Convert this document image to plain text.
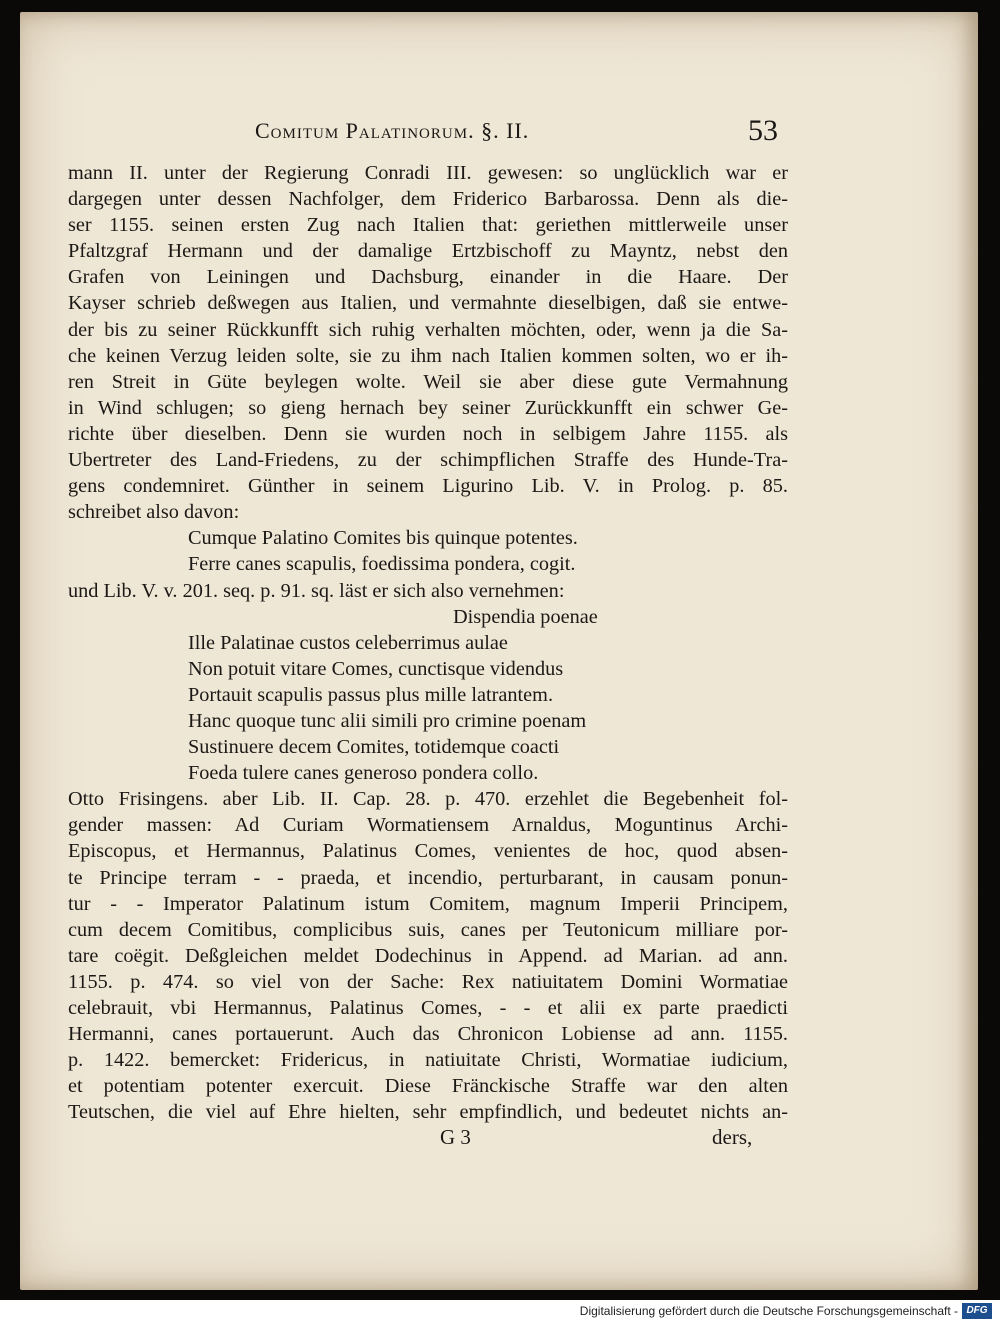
Comitum Palatinorum. §. II.	53
mann II. unter der Regierung Conradi III. gewesen: so unglücklich war er
dargegen unter dessen Nachfolger, dem Friderico Barbarossa. Denn als die-
ser 1155. seinen ersten Zug nach Italien that: geriethen mittlerweile unser
Pfaltzgraf Hermann und der damalige Ertzbischoff zu Mayntz, nebst den
Grafen von Leiningen und Dachsburg, einander in die Haare. Der
Kayser schrieb deßwegen aus Italien, und vermahnte dieselbigen, daß sie entwe-
der bis zu seiner Rückkunfft sich ruhig verhalten möchten, oder, wenn ja die Sa-
che keinen Verzug leiden solte, sie zu ihm nach Italien kommen solten, wo er ih-
ren Streit in Güte beylegen wolte. Weil sie aber diese gute Vermahnung
in Wind schlugen; so gieng hernach bey seiner Zurückkunfft ein schwer Ge-
richte über dieselben. Denn sie wurden noch in selbigem Jahre 1155. als
Ubertreter des Land-Friedens, zu der schimpflichen Straffe des Hunde-Tra-
gens condemniret. Günther in seinem Ligurino Lib. V. in Prolog. p. 85.
schreibet also davon:
Cumque Palatino Comites bis quinque potentes.
Ferre canes scapulis, foedissima pondera, cogit.
und Lib. V. v. 201. seq. p. 91. sq. läst er sich also vernehmen:
Dispendia poenae
Ille Palatinae custos celeberrimus aulae
Non potuit vitare Comes, cunctisque videndus
Portauit scapulis passus plus mille latrantem.
Hanc quoque tunc alii simili pro crimine poenam
Sustinuere decem Comites, totidemque coacti
Foeda tulere canes generoso pondera collo.
Otto Frisingens. aber Lib. II. Cap. 28. p. 470. erzehlet die Begebenheit fol-
gender massen: Ad Curiam Wormatiensem Arnaldus, Moguntinus Archi-
Episcopus, et Hermannus, Palatinus Comes, venientes de hoc, quod absen-
te Principe terram - - praeda, et incendio, perturbarant, in causam ponun-
tur - - Imperator Palatinum istum Comitem, magnum Imperii Principem,
cum decem Comitibus, complicibus suis, canes per Teutonicum milliare por-
tare coëgit. Deßgleichen meldet Dodechinus in Append. ad Marian. ad ann.
1155. p. 474. so viel von der Sache: Rex natiuitatem Domini Wormatiae
celebrauit, vbi Hermannus, Palatinus Comes, - - et alii ex parte praedicti
Hermanni, canes portauerunt. Auch das Chronicon Lobiense ad ann. 1155.
p. 1422. bemercket: Fridericus, in natiuitate Christi, Wormatiae iudicium,
et potentiam potenter exercuit. Diese Fränckische Straffe war den alten
Teutschen, die viel auf Ehre hielten, sehr empfindlich, und bedeutet nichts an-
G 3	ders,
Digitalisierung gefördert durch die Deutsche Forschungsgemeinschaft - DFG
